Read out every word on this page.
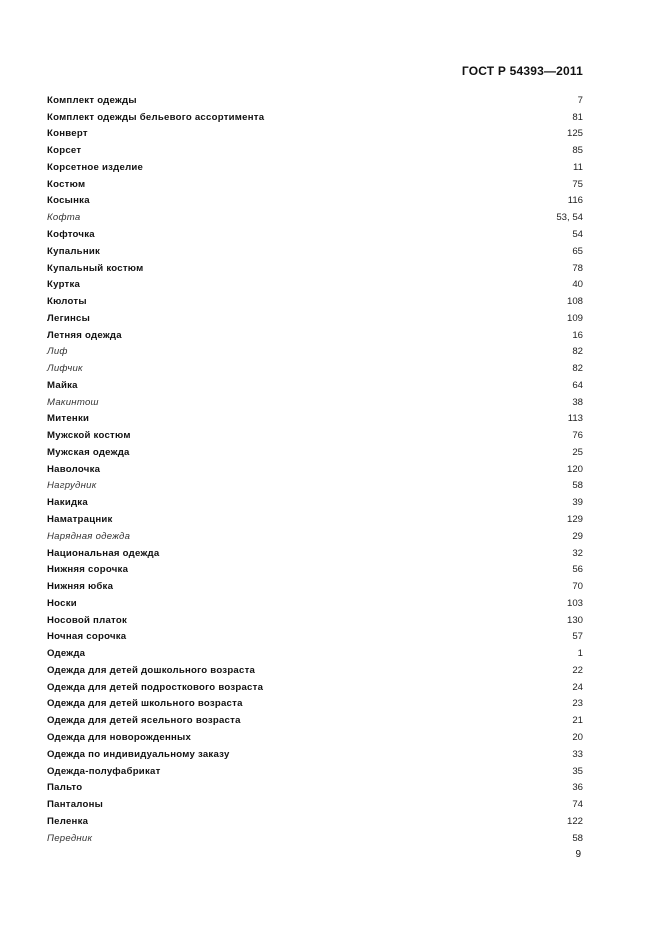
ГОСТ Р 54393—2011
Комплект одежды	7
Комплект одежды бельевого ассортимента	81
Конверт	125
Корсет	85
Корсетное изделие	11
Костюм	75
Косынка	116
Кофта	53, 54
Кофточка	54
Купальник	65
Купальный костюм	78
Куртка	40
Кюлоты	108
Легинсы	109
Летняя одежда	16
Лиф	82
Лифчик	82
Майка	64
Макинтош	38
Митенки	113
Мужской костюм	76
Мужская одежда	25
Наволочка	120
Нагрудник	58
Накидка	39
Наматрацник	129
Нарядная одежда	29
Национальная одежда	32
Нижняя сорочка	56
Нижняя юбка	70
Носки	103
Носовой платок	130
Ночная сорочка	57
Одежда	1
Одежда для детей дошкольного возраста	22
Одежда для детей подросткового возраста	24
Одежда для детей школьного возраста	23
Одежда для детей ясельного возраста	21
Одежда для новорожденных	20
Одежда по индивидуальному заказу	33
Одежда-полуфабрикат	35
Пальто	36
Панталоны	74
Пеленка	122
Передник	58
9
